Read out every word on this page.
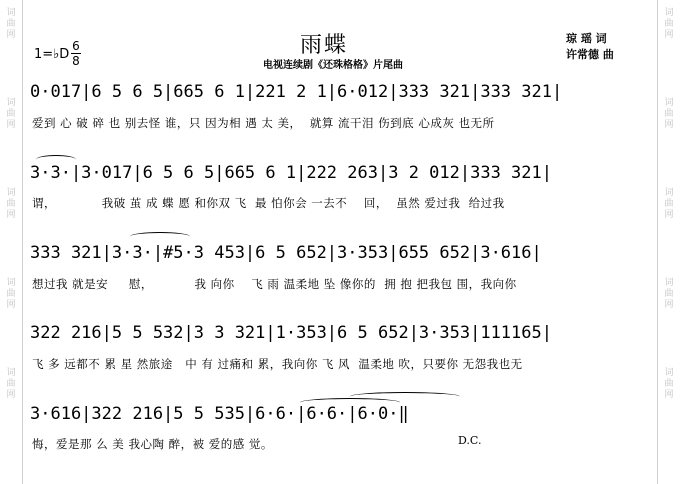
词
曲
网
词
曲
网
词
曲
网
词
曲
网
词
曲
网
词
曲
网
词
曲
网
词
曲
网
词
曲
网
词
曲
网
雨蝶
电视连续剧《还珠格格》片尾曲
琼 瑶 词
许常德 曲
1=♭D
6
8
0·017|6 5 6 5|665 6 1|221 2 1|6·012|333 321|333 321|
爱到 心 破 碎 也 别去怪 谁，只 因为相 遇 太 美，  就算 流干泪 伤到底 心成灰 也无所
3·3·|3·017|6 5 6 5|665 6 1|222 263|3 2 012|333 321|
谓，           我破 茧 成 蝶 愿 和你双 飞  最 怕你会 一去不    回，  虽然 爱过我  给过我
333 321|3·3·|#5·3 453|6 5 652|3·353|655 652|3·616|
想过我 就是安     慰，          我 向你    飞 雨 温柔地 坠 像你的  拥 抱 把我包 围，我向你
322 216|5 5 532|3 3 321|1·353|6 5 652|3·353|111165|
飞 多 远都不 累 星 然旅途   中 有 过痛和 累，我向你 飞 风  温柔地 吹，只要你 无怨我也无
3·616|322 216|5 5 535|6·6·|6·6·|6·0·‖
悔，爱是那 么 美 我心陶 醉，被 爱的感 觉。	D.C.
